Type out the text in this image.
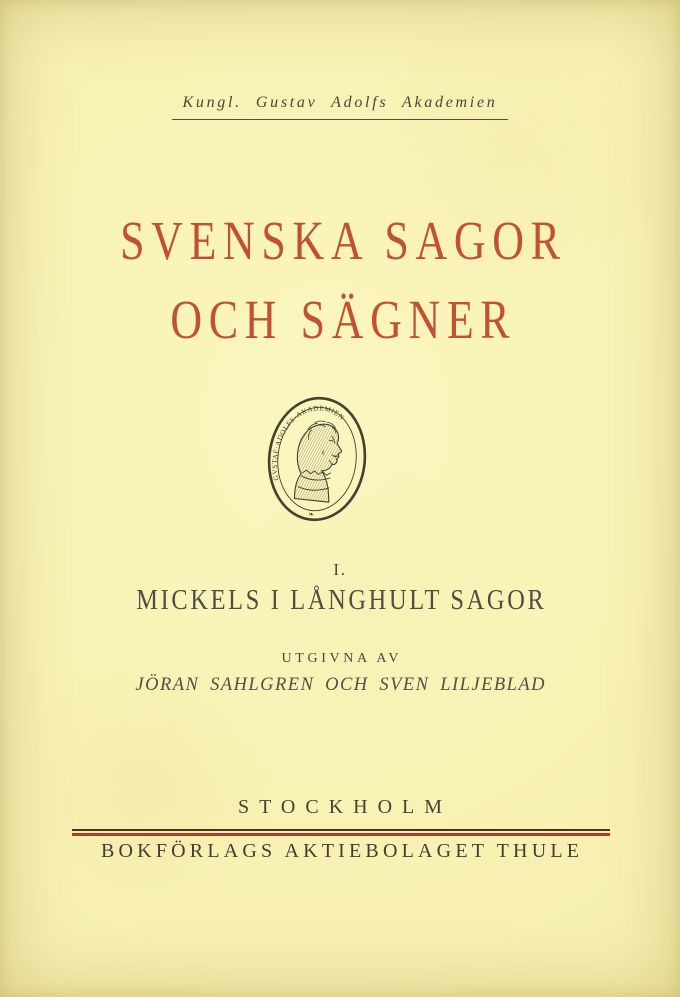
Kungl. Gustav Adolfs Akademien
SVENSKA SAGOR
OCH SÄGNER
GVSTAF·ADOLFS·AKADEMIEN
❧
I.
MICKELS I LÅNGHULT SAGOR
UTGIVNA AV
JÖRAN SAHLGREN OCH SVEN LILJEBLAD
STOCKHOLM
BOKFÖRLAGS AKTIEBOLAGET THULE
